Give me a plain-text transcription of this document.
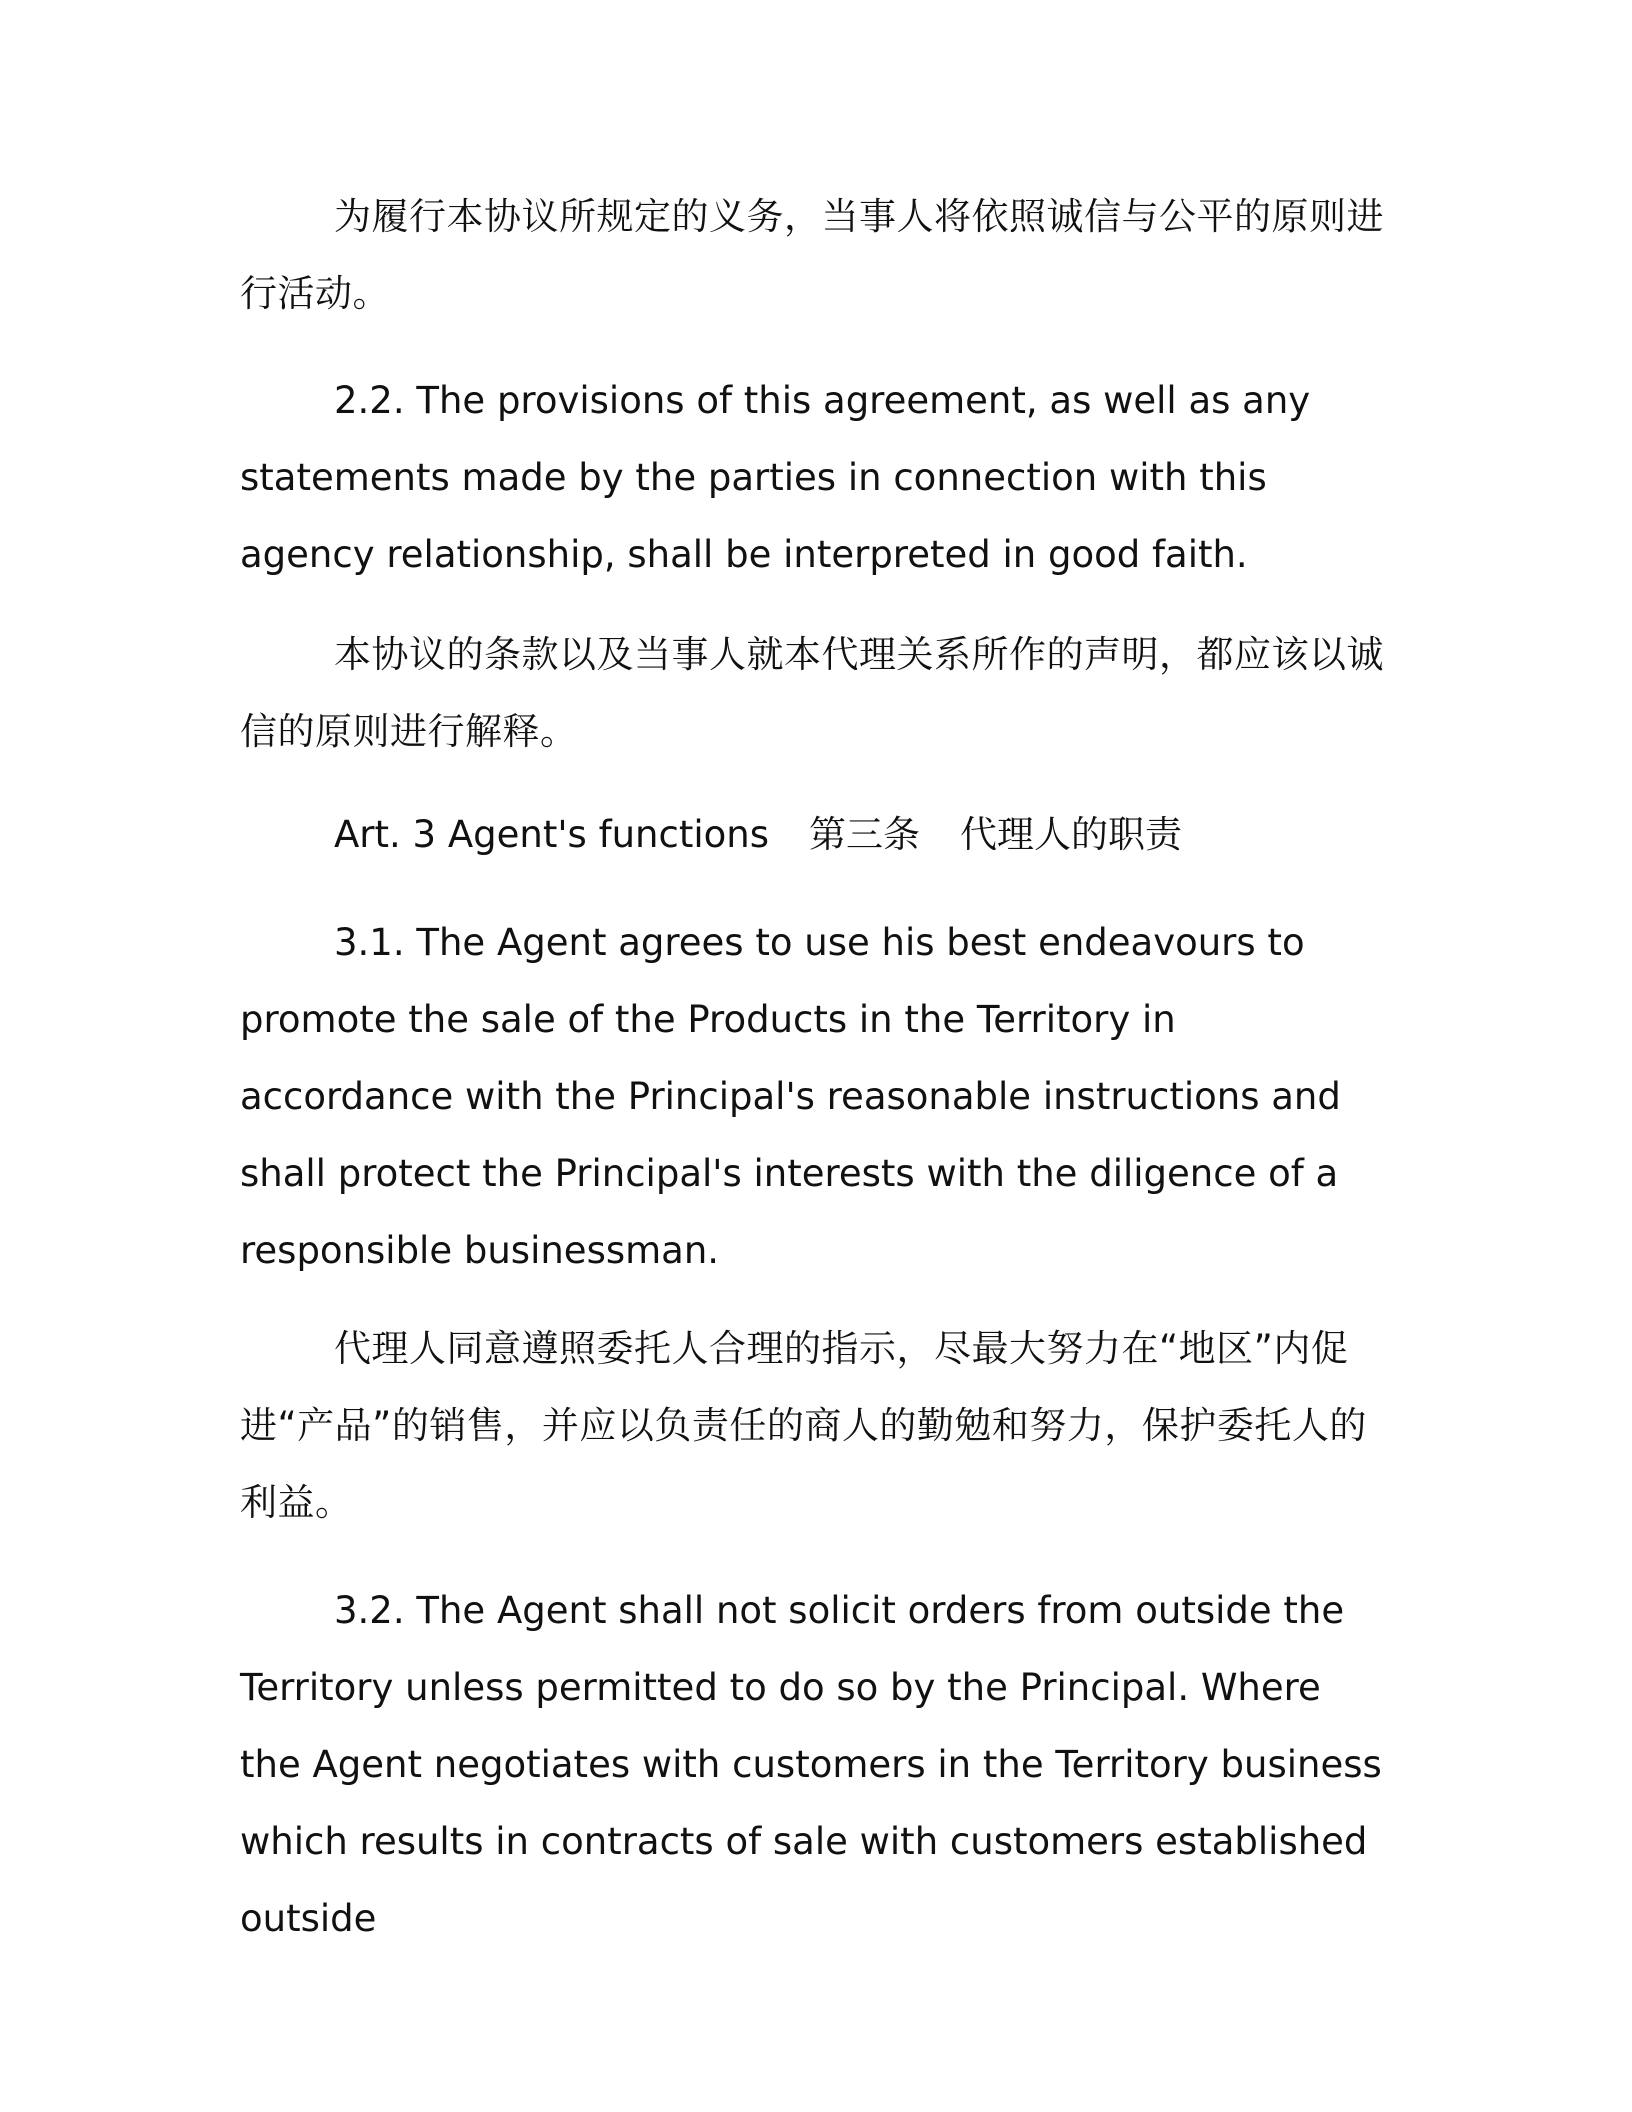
为履行本协议所规定的义务，当事人将依照诚信与公平的原则进行活动。

2.2. The provisions of this agreement, as well as any statements made by the parties in connection with this agency relationship, shall be interpreted in good faith.

本协议的条款以及当事人就本代理关系所作的声明，都应该以诚信的原则进行解释。

Art. 3 Agent's functions 第三条 代理人的职责

3.1. The Agent agrees to use his best endeavours to promote the sale of the Products in the Territory in accordance with the Principal's reasonable instructions and shall protect the Principal's interests with the diligence of a responsible businessman.

代理人同意遵照委托人合理的指示，尽最大努力在“地区”内促进“产品”的销售，并应以负责任的商人的勤勉和努力，保护委托人的利益。

3.2. The Agent shall not solicit orders from outside the Territory unless permitted to do so by the Principal. Where the Agent negotiates with customers in the Territory business which results in contracts of sale with customers established outside
